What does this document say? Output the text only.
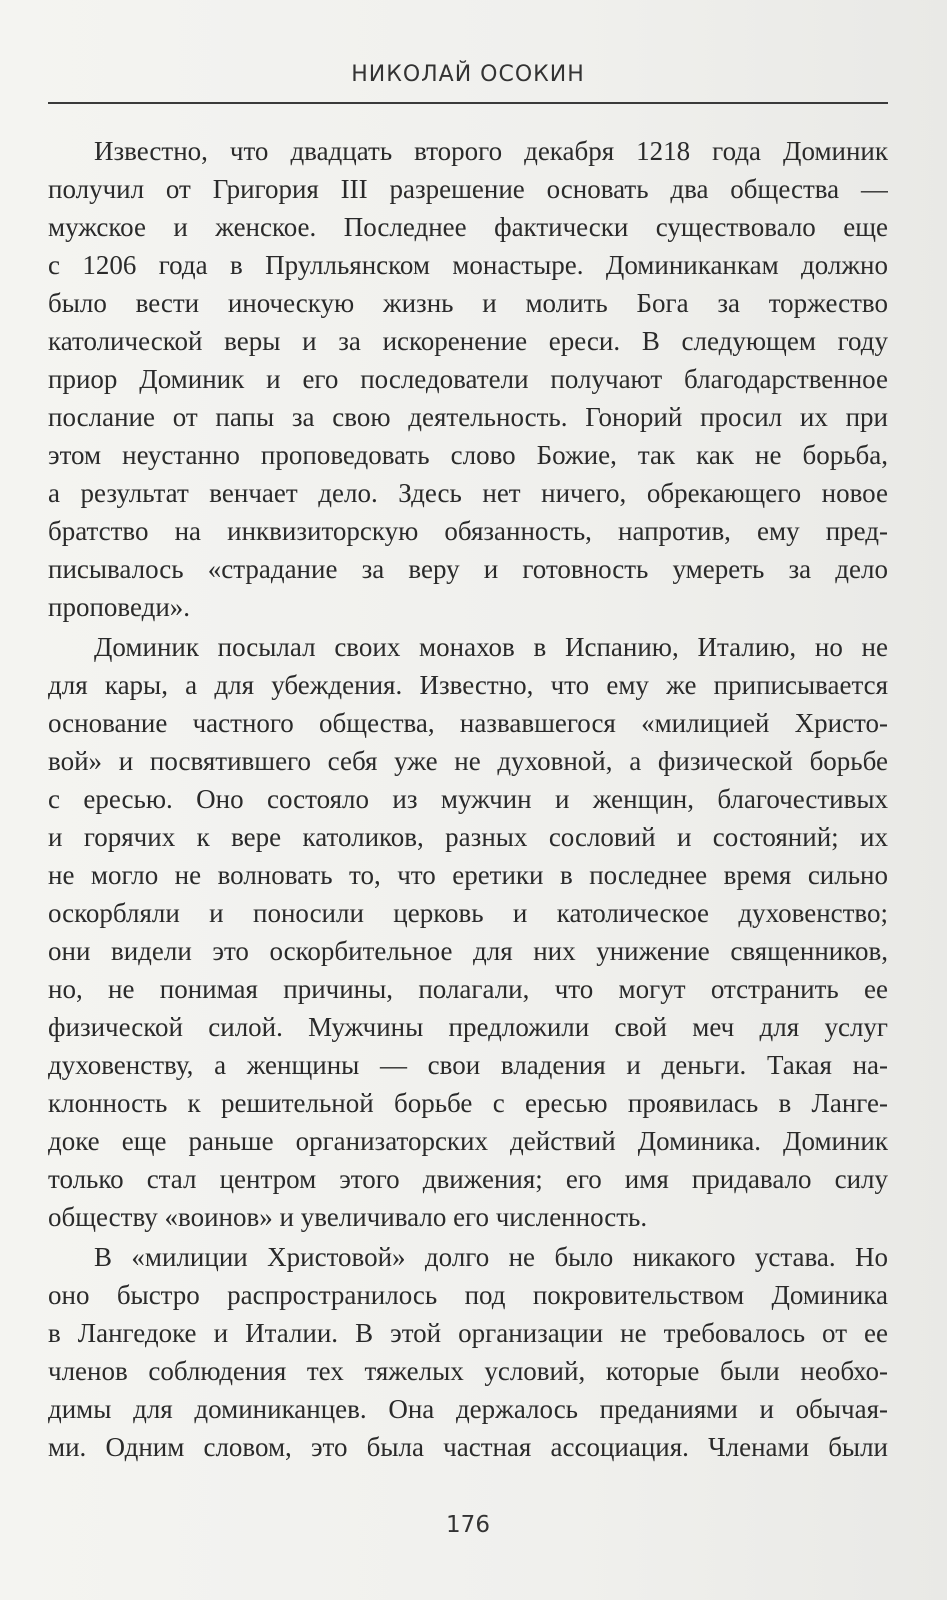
НИКОЛАЙ ОСОКИН
Известно, что двадцать второго декабря 1218 года Доминик
получил от Григория III разрешение основать два общества —
мужское и женское. Последнее фактически существовало еще
с 1206 года в Прулльянском монастыре. Доминиканкам должно
было вести иноческую жизнь и молить Бога за торжество
католической веры и за искоренение ереси. В следующем году
приор Доминик и его последователи получают благодарственное
послание от папы за свою деятельность. Гонорий просил их при
этом неустанно проповедовать слово Божие, так как не борьба,
а результат венчает дело. Здесь нет ничего, обрекающего новое
братство на инквизиторскую обязанность, напротив, ему пред-
писывалось «страдание за веру и готовность умереть за дело
проповеди».
Доминик посылал своих монахов в Испанию, Италию, но не
для кары, а для убеждения. Известно, что ему же приписывается
основание частного общества, назвавшегося «милицией Христо-
вой» и посвятившего себя уже не духовной, а физической борьбе
с ересью. Оно состояло из мужчин и женщин, благочестивых
и горячих к вере католиков, разных сословий и состояний; их
не могло не волновать то, что еретики в последнее время сильно
оскорбляли и поносили церковь и католическое духовенство;
они видели это оскорбительное для них унижение священников,
но, не понимая причины, полагали, что могут отстранить ее
физической силой. Мужчины предложили свой меч для услуг
духовенству, а женщины — свои владения и деньги. Такая на-
клонность к решительной борьбе с ересью проявилась в Ланге-
доке еще раньше организаторских действий Доминика. Доминик
только стал центром этого движения; его имя придавало силу
обществу «воинов» и увеличивало его численность.
В «милиции Христовой» долго не было никакого устава. Но
оно быстро распространилось под покровительством Доминика
в Лангедоке и Италии. В этой организации не требовалось от ее
членов соблюдения тех тяжелых условий, которые были необхо-
димы для доминиканцев. Она держалось преданиями и обычая-
ми. Одним словом, это была частная ассоциация. Членами были
176
